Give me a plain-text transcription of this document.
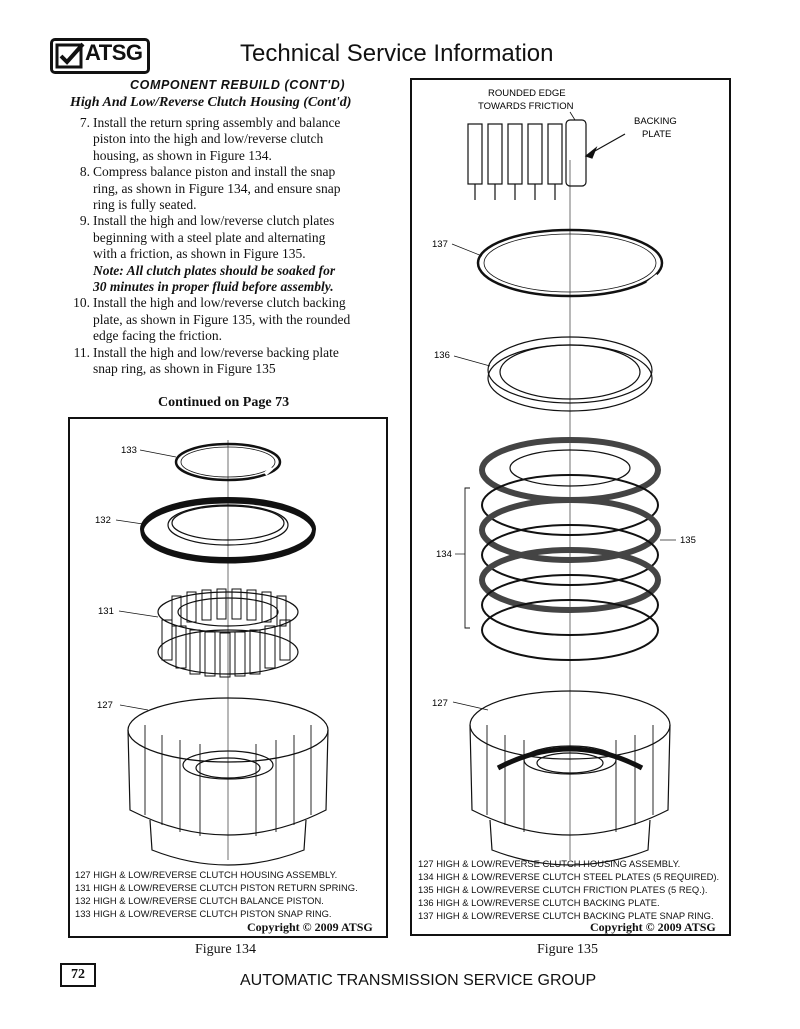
ATSG	Technical Service Information
COMPONENT REBUILD (CONT'D)
High And Low/Reverse Clutch Housing (Cont'd)
7. Install the return spring assembly and balance
piston into the high and low/reverse clutch
housing, as shown in Figure 134.
8. Compress balance piston and install the snap
ring, as shown in Figure 134, and ensure snap
ring is fully seated.
9. Install the high and low/reverse clutch plates
beginning with a steel plate and alternating
with a friction, as shown in Figure 135.
Note: All clutch plates should be soaked for
30 minutes in proper fluid before assembly.
10. Install the high and low/reverse clutch backing
plate, as shown in Figure 135, with the rounded
edge facing the friction.
11. Install the high and low/reverse backing plate
snap ring, as shown in Figure 135
Continued on Page 73
133
132
131
127
127 HIGH & LOW/REVERSE CLUTCH HOUSING ASSEMBLY.
131 HIGH & LOW/REVERSE CLUTCH PISTON RETURN SPRING.
132 HIGH & LOW/REVERSE CLUTCH BALANCE PISTON.
133 HIGH & LOW/REVERSE CLUTCH PISTON SNAP RING.
Copyright © 2009 ATSG
Figure 134
ROUNDED EDGE
TOWARDS FRICTION
BACKING
PLATE
137
136
135
134
127
127 HIGH & LOW/REVERSE CLUTCH HOUSING ASSEMBLY.
134 HIGH & LOW/REVERSE CLUTCH STEEL PLATES (5 REQUIRED).
135 HIGH & LOW/REVERSE CLUTCH FRICTION PLATES (5 REQ.).
136 HIGH & LOW/REVERSE CLUTCH BACKING PLATE.
137 HIGH & LOW/REVERSE CLUTCH BACKING PLATE SNAP RING.
Copyright © 2009 ATSG
Figure 135
72	AUTOMATIC TRANSMISSION SERVICE GROUP
